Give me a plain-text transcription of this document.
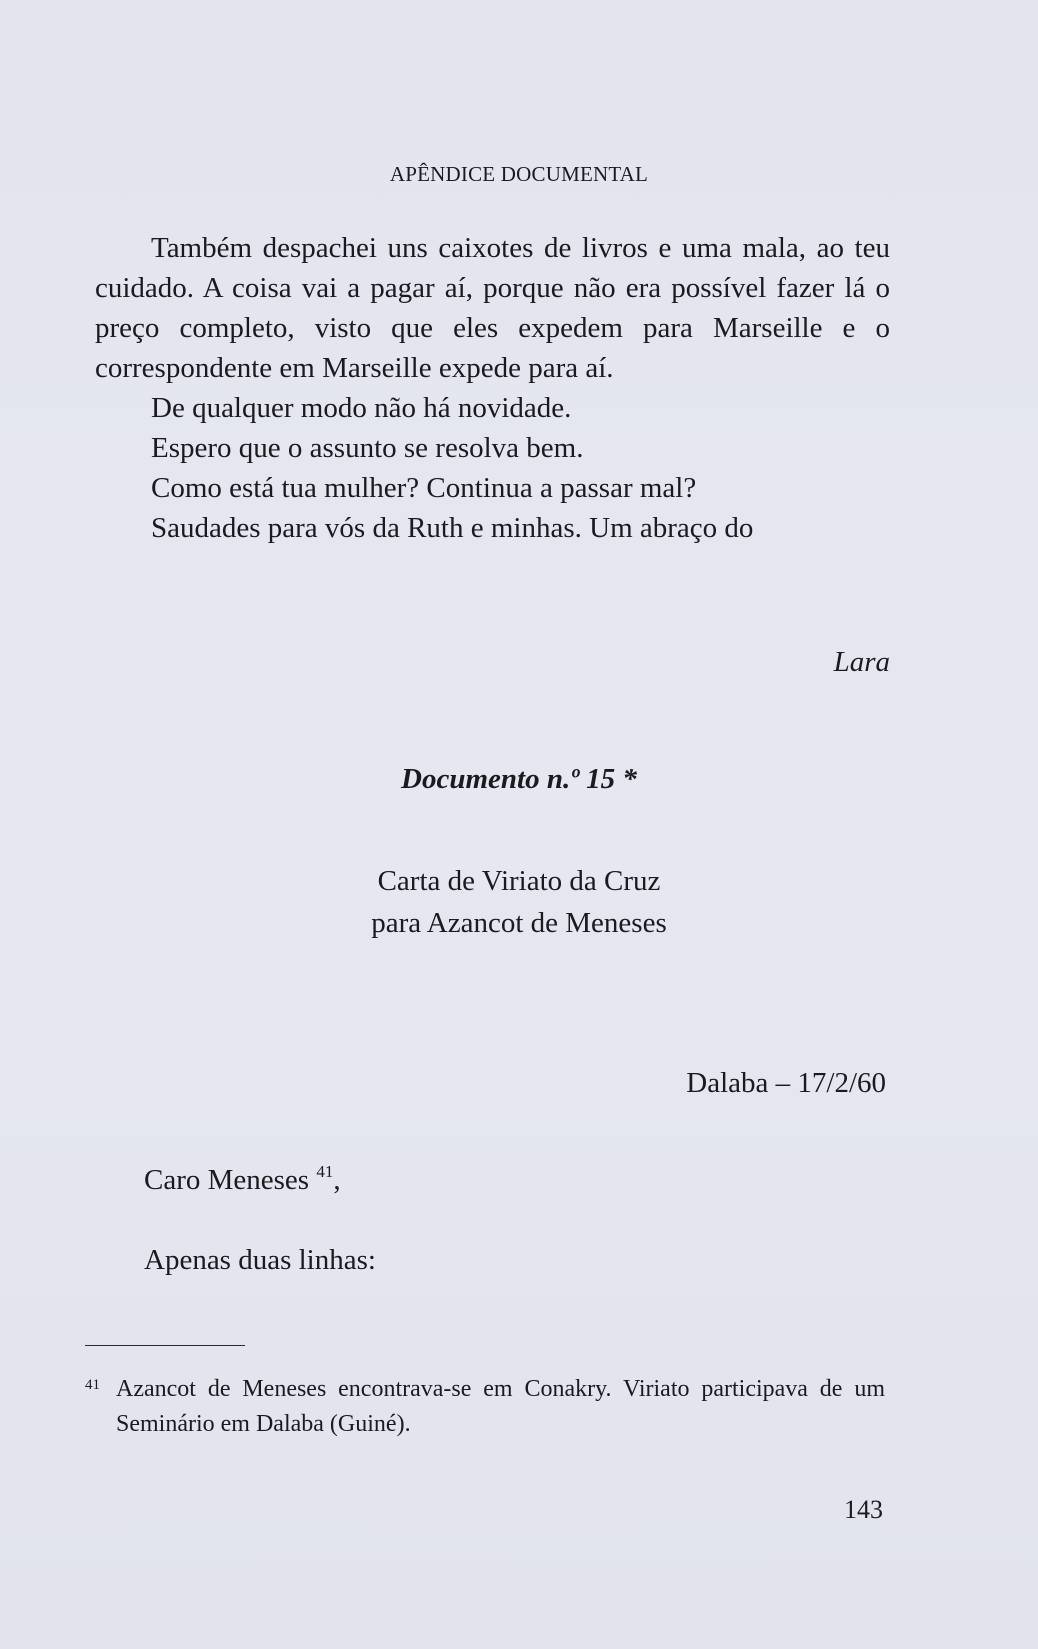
APÊNDICE DOCUMENTAL

Também despachei uns caixotes de livros e uma mala, ao teu cuidado. A coisa vai a pagar aí, porque não era possível fazer lá o preço completo, visto que eles expedem para Marseille e o correspondente em Marseille expede para aí.

De qualquer modo não há novidade.

Espero que o assunto se resolva bem.

Como está tua mulher? Continua a passar mal?

Saudades para vós da Ruth e minhas. Um abraço do

Lara
Documento n.º 15 *
Carta de Viriato da Cruz
para Azancot de Meneses
Dalaba – 17/2/60
Caro Meneses $^{41}$,
Apenas duas linhas:
41 Azancot de Meneses encontrava-se em Conakry. Viriato participava de um Seminário em Dalaba (Guiné).
143
